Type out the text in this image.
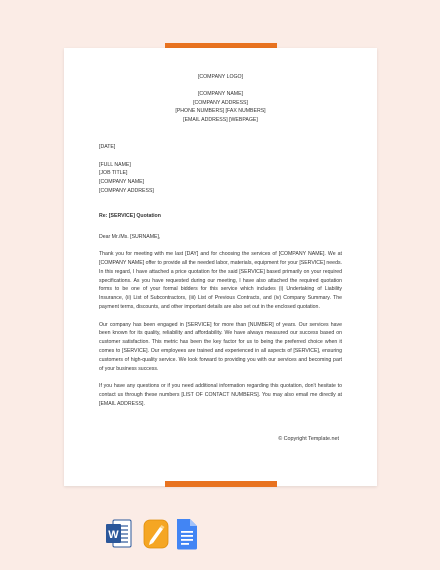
[COMPANY LOGO]
[COMPANY NAME]
[COMPANY ADDRESS]
[PHONE NUMBERS] [FAX NUMBERS]
[EMAIL ADDRESS] [WEBPAGE]
[DATE]
[FULL NAME]
[JOB TITLE]
[COMPANY NAME]
[COMPANY ADDRESS]
Re: [SERVICE] Quotation
Dear Mr./Ms. [SURNAME],

Thank you for meeting with me last [DAY] and for choosing the services of [COMPANY NAME]. We at [COMPANY NAME] offer to provide all the needed labor, materials, equipment for your [SERVICE] needs. In this regard, I have attached a price quotation for the said [SERVICE] based primarily on your required specifications. As you have requested during our meeting, I have also attached the required quotation forms to be one of your formal bidders for this service which includes (i) Undertaking of Liability Insurance, (ii) List of Subcontractors, (iii) List of Previous Contracts, and (iv) Company Summary. The payment terms, discounts, and other important details are also set out in the enclosed quotation.

Our company has been engaged in [SERVICE] for more than [NUMBER] of years. Our services have been known for its quality, reliability and affordability. We have always measured our success based on customer satisfaction. This metric has been the key factor for us to being the preferred choice when it comes to [SERVICE]. Our employees are trained and experienced in all aspects of [SERVICE], ensuring customers of high-quality service. We look forward to providing you with our services and becoming part of your business success.

If you have any questions or if you need additional information regarding this quotation, don't hesitate to contact us through these numbers [LIST OF CONTACT NUMBERS]. You may also email me directly at [EMAIL ADDRESS].

© Copyright Template.net
W
